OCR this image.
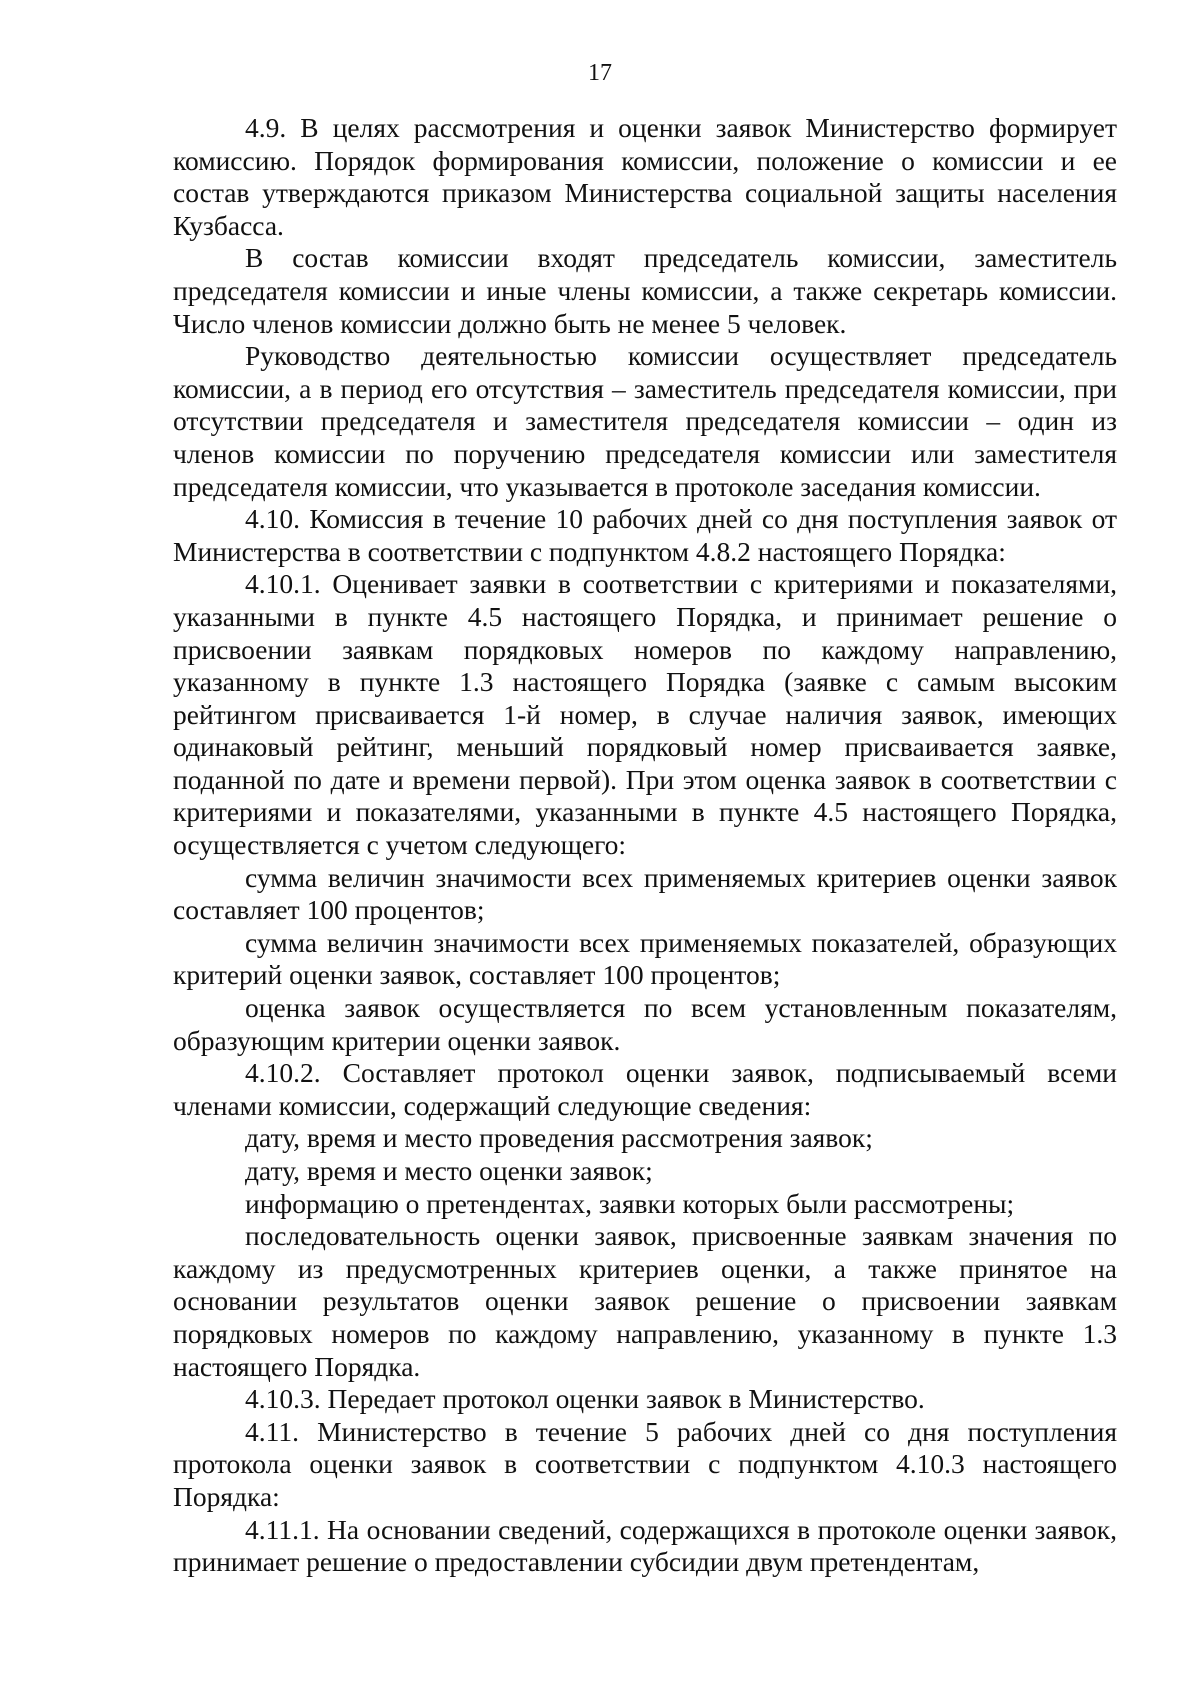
17

4.9. В целях рассмотрения и оценки заявок Министерство формирует комиссию. Порядок формирования комиссии, положение о комиссии и ее состав утверждаются приказом Министерства социальной защиты населения Кузбасса.

В состав комиссии входят председатель комиссии, заместитель председателя комиссии и иные члены комиссии, а также секретарь комиссии. Число членов комиссии должно быть не менее 5 человек.

Руководство деятельностью комиссии осуществляет председатель комиссии, а в период его отсутствия – заместитель председателя комиссии, при отсутствии председателя и заместителя председателя комиссии – один из членов комиссии по поручению председателя комиссии или заместителя председателя комиссии, что указывается в протоколе заседания комиссии.

4.10. Комиссия в течение 10 рабочих дней со дня поступления заявок от Министерства в соответствии с подпунктом 4.8.2 настоящего Порядка:

4.10.1. Оценивает заявки в соответствии с критериями и показателями, указанными в пункте 4.5 настоящего Порядка, и принимает решение о присвоении заявкам порядковых номеров по каждому направлению, указанному в пункте 1.3 настоящего Порядка (заявке с самым высоким рейтингом присваивается 1-й номер, в случае наличия заявок, имеющих одинаковый рейтинг, меньший порядковый номер присваивается заявке, поданной по дате и времени первой). При этом оценка заявок в соответствии с критериями и показателями, указанными в пункте 4.5 настоящего Порядка, осуществляется с учетом следующего:

сумма величин значимости всех применяемых критериев оценки заявок составляет 100 процентов;

сумма величин значимости всех применяемых показателей, образующих критерий оценки заявок, составляет 100 процентов;

оценка заявок осуществляется по всем установленным показателям, образующим критерии оценки заявок.

4.10.2. Составляет протокол оценки заявок, подписываемый всеми членами комиссии, содержащий следующие сведения:

дату, время и место проведения рассмотрения заявок;

дату, время и место оценки заявок;

информацию о претендентах, заявки которых были рассмотрены;

последовательность оценки заявок, присвоенные заявкам значения по каждому из предусмотренных критериев оценки, а также принятое на основании результатов оценки заявок решение о присвоении заявкам порядковых номеров по каждому направлению, указанному в пункте 1.3 настоящего Порядка.

4.10.3. Передает протокол оценки заявок в Министерство.

4.11. Министерство в течение 5 рабочих дней со дня поступления протокола оценки заявок в соответствии с подпунктом 4.10.3 настоящего Порядка:

4.11.1. На основании сведений, содержащихся в протоколе оценки заявок, принимает решение о предоставлении субсидии двум претендентам,
